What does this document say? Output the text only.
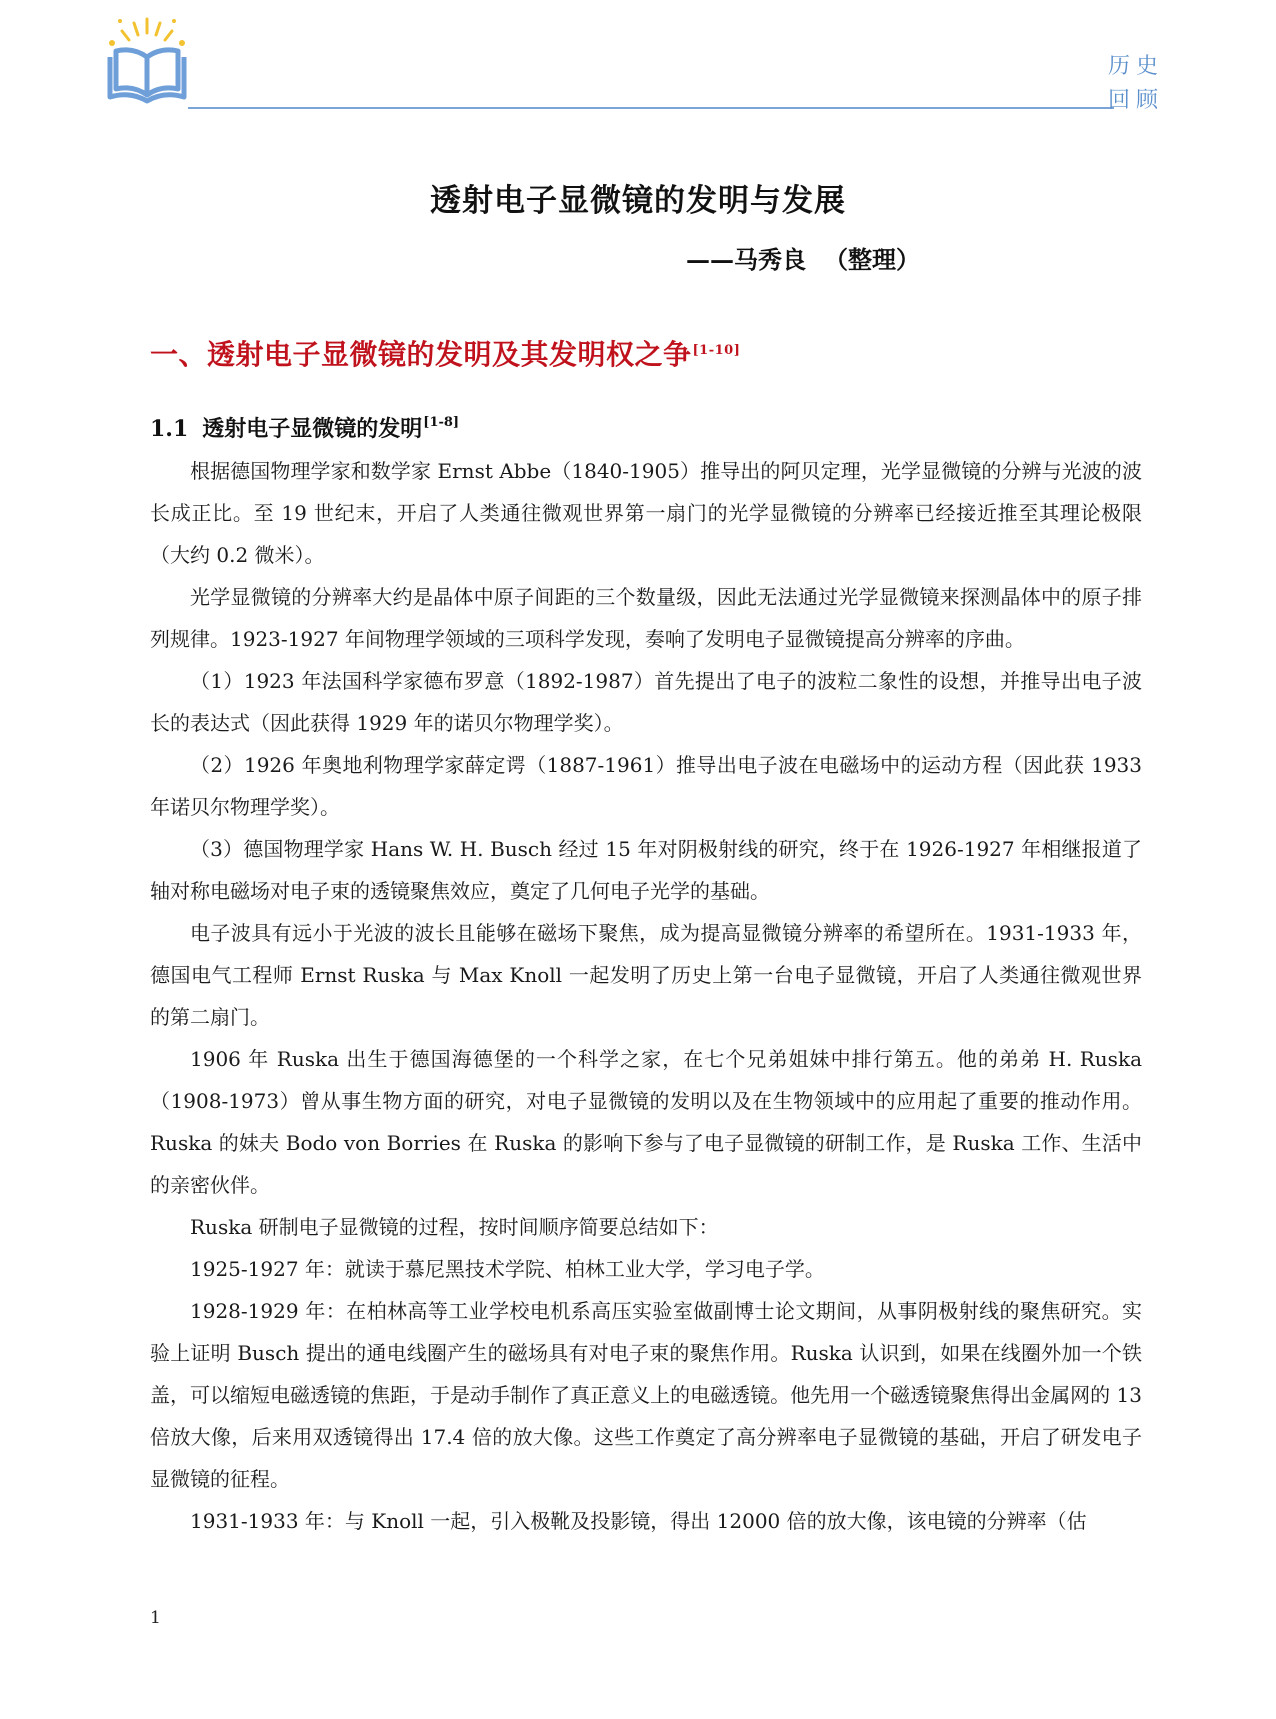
历史
回顾
透射电子显微镜的发明与发展
——马秀良 （整理）
一、透射电子显微镜的发明及其发明权之争[1-10]
1.1 透射电子显微镜的发明[1-8]

根据德国物理学家和数学家 Ernst Abbe（1840-1905）推导出的阿贝定理，光学显微镜的分辨与光波的波长成正比。至 19 世纪末，开启了人类通往微观世界第一扇门的光学显微镜的分辨率已经接近推至其理论极限（大约 0.2 微米）。

光学显微镜的分辨率大约是晶体中原子间距的三个数量级，因此无法通过光学显微镜来探测晶体中的原子排列规律。1923-1927 年间物理学领域的三项科学发现，奏响了发明电子显微镜提高分辨率的序曲。

（1）1923 年法国科学家德布罗意（1892-1987）首先提出了电子的波粒二象性的设想，并推导出电子波长的表达式（因此获得 1929 年的诺贝尔物理学奖）。

（2）1926 年奥地利物理学家薛定谔（1887-1961）推导出电子波在电磁场中的运动方程（因此获 1933 年诺贝尔物理学奖）。

（3）德国物理学家 Hans W. H. Busch 经过 15 年对阴极射线的研究，终于在 1926-1927 年相继报道了轴对称电磁场对电子束的透镜聚焦效应，奠定了几何电子光学的基础。

电子波具有远小于光波的波长且能够在磁场下聚焦，成为提高显微镜分辨率的希望所在。1931-1933 年，德国电气工程师 Ernst Ruska 与 Max Knoll 一起发明了历史上第一台电子显微镜，开启了人类通往微观世界的第二扇门。

1906 年 Ruska 出生于德国海德堡的一个科学之家，在七个兄弟姐妹中排行第五。他的弟弟 H. Ruska（1908-1973）曾从事生物方面的研究，对电子显微镜的发明以及在生物领域中的应用起了重要的推动作用。Ruska 的妹夫 Bodo von Borries 在 Ruska 的影响下参与了电子显微镜的研制工作，是 Ruska 工作、生活中的亲密伙伴。

Ruska 研制电子显微镜的过程，按时间顺序简要总结如下：

1925-1927 年：就读于慕尼黑技术学院、柏林工业大学，学习电子学。

1928-1929 年：在柏林高等工业学校电机系高压实验室做副博士论文期间，从事阴极射线的聚焦研究。实验上证明 Busch 提出的通电线圈产生的磁场具有对电子束的聚焦作用。Ruska 认识到，如果在线圈外加一个铁盖，可以缩短电磁透镜的焦距，于是动手制作了真正意义上的电磁透镜。他先用一个磁透镜聚焦得出金属网的 13 倍放大像，后来用双透镜得出 17.4 倍的放大像。这些工作奠定了高分辨率电子显微镜的基础，开启了研发电子显微镜的征程。

1931-1933 年：与 Knoll 一起，引入极靴及投影镜，得出 12000 倍的放大像，该电镜的分辨率（估

1
